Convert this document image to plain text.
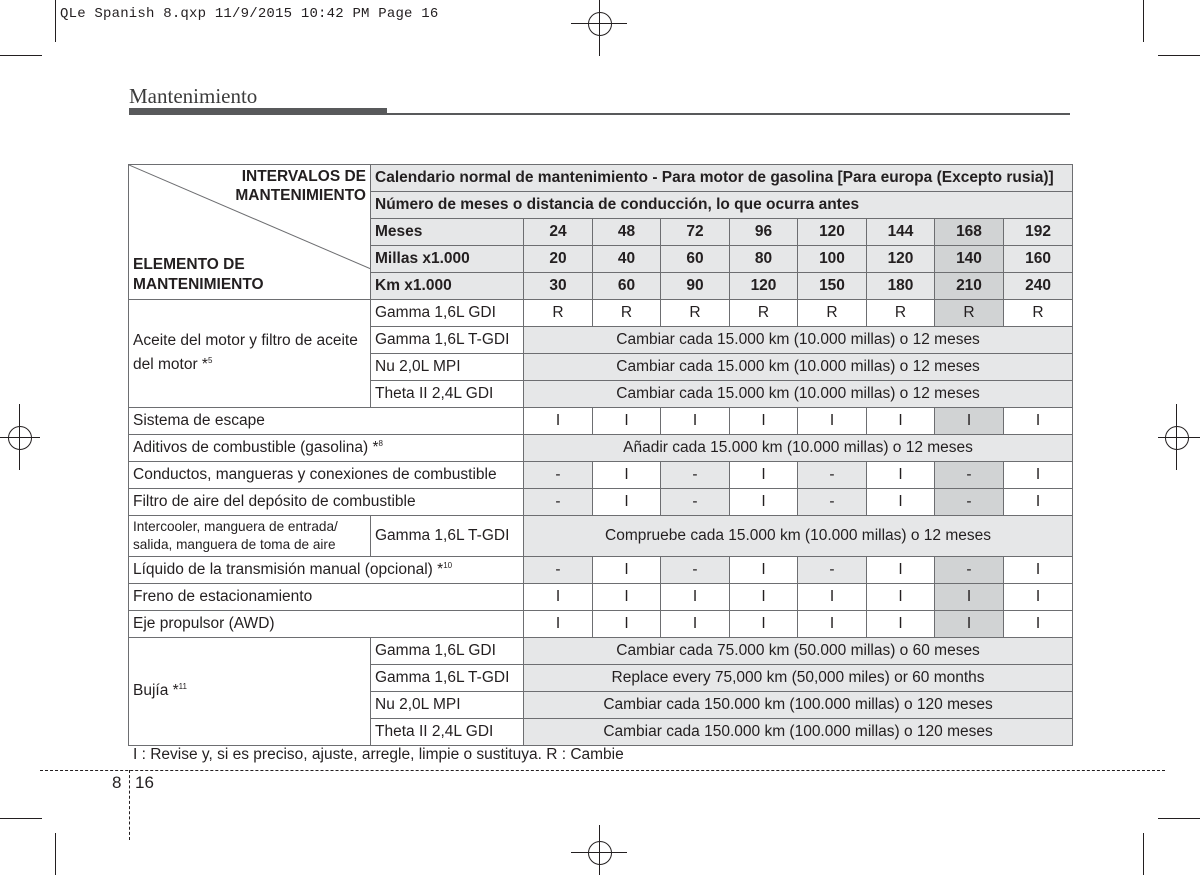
QLe Spanish 8.qxp 11/9/2015 10:42 PM Page 16
Mantenimiento
INTERVALOS DE MANTENIMIENTO
ELEMENTO DE MANTENIMIENTO	Calendario normal de mantenimiento - Para motor de gasolina [Para europa (Excepto rusia)]								
	Número de meses o distancia de conducción, lo que ocurra antes								
	Meses	24	48	72	96	120	144	168	192
	Millas x1.000	20	40	60	80	100	120	140	160
	Km x1.000	30	60	90	120	150	180	210	240
Aceite del motor y filtro de aceite del motor *$^5$	Gamma 1,6L GDI	R	R	R	R	R	R	R	R
	Gamma 1,6L T-GDI	Cambiar cada 15.000 km (10.000 millas) o 12 meses							
	Nu 2,0L MPI	Cambiar cada 15.000 km (10.000 millas) o 12 meses							
	Theta II 2,4L GDI	Cambiar cada 15.000 km (10.000 millas) o 12 meses							
Sistema de escape		I	I	I	I	I	I	I	I
Aditivos de combustible (gasolina) *$^8$		Añadir cada 15.000 km (10.000 millas) o 12 meses							
Conductos, mangueras y conexiones de combustible		-	I	-	I	-	I	-	I
Filtro de aire del depósito de combustible		-	I	-	I	-	I	-	I

Intercooler, manguera de entrada/
salida, manguera de toma de aire	Gamma 1,6L T-GDI	Compruebe cada 15.000 km (10.000 millas) o 12 meses							
Líquido de la transmisión manual (opcional) *$^{10}$		-	I	-	I	-	I	-	I
Freno de estacionamiento		I	I	I	I	I	I	I	I
Eje propulsor (AWD)		I	I	I	I	I	I	I	I
Bujía *$^{11}$	Gamma 1,6L GDI	Cambiar cada 75.000 km (50.000 millas) o 60 meses							
	Gamma 1,6L T-GDI	Replace every 75,000 km (50,000 miles) or 60 months							
	Nu 2,0L MPI	Cambiar cada 150.000 km (100.000 millas) o 120 meses							
	Theta II 2,4L GDI	Cambiar cada 150.000 km (100.000 millas) o 120 meses							
I : Revise y, si es preciso, ajuste, arregle, limpie o sustituya. R : Cambie
8 16
